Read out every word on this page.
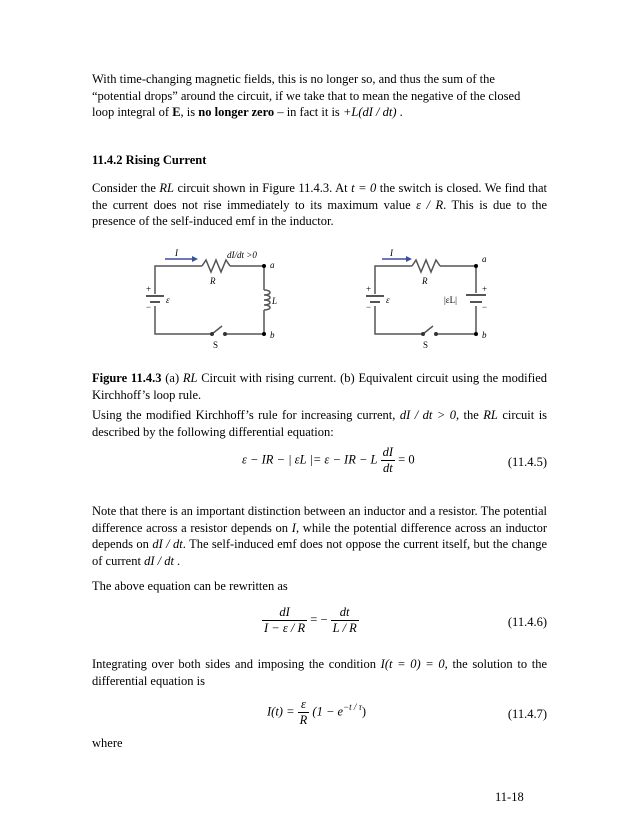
With time-changing magnetic fields, this is no longer so, and thus the sum of the
“potential drops” around the circuit, if we take that to mean the negative of the closed
loop integral of E, is no longer zero – in fact it is +L(dI / dt) .
11.4.2 Rising Current
Consider the RL circuit shown in Figure 11.4.3. At t = 0 the switch is closed. We find that the current does not rise immediately to its maximum value ε / R. This is due to the presence of the self-induced emf in the inductor.
I	dI/dt >0
R
a
b
L
ε
+
−
S
I
R
a
b
ε	|εL|
+
−
+
−
S
Figure 11.4.3 (a) RL Circuit with rising current. (b) Equivalent circuit using the modified Kirchhoff’s loop rule.
Using the modified Kirchhoff’s rule for increasing current, dI / dt > 0, the RL circuit is described by the following differential equation:
ε − IR − | εL |= ε − IR − L $\frac{dI}{dt} = 0$	(11.4.5)
Note that there is an important distinction between an inductor and a resistor. The potential difference across a resistor depends on I, while the potential difference across an inductor depends on dI / dt. The self-induced emf does not oppose the current itself, but the change of current dI / dt .
The above equation can be rewritten as
$\frac{dI}{I - \varepsilon / R}$ = − $\frac{dt}{L / R}$	(11.4.6)
Integrating over both sides and imposing the condition I(t = 0) = 0, the solution to the differential equation is
$I(t) = \frac{\varepsilon}{R} (1 - e^{-t / \tau})$	(11.4.7)
where
11-18
